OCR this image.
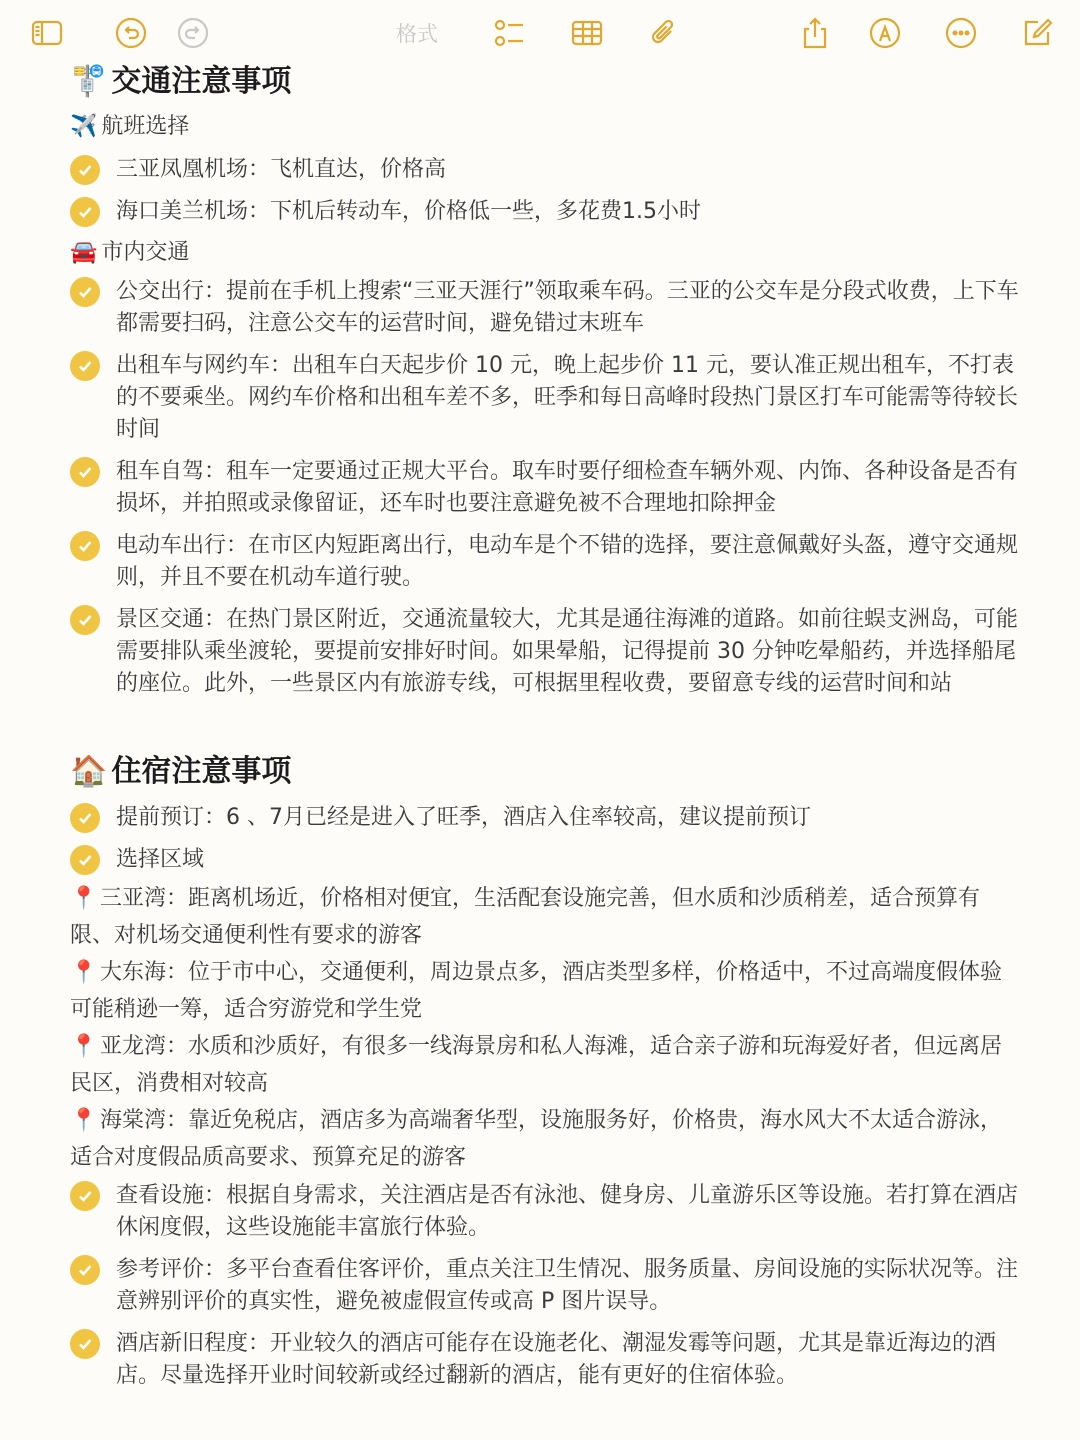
格式
🚏 交通注意事项
✈️ 航班选择
三亚凤凰机场：飞机直达，价格高
海口美兰机场：下机后转动车，价格低一些，多花费1.5小时
🚘 市内交通
公交出行：提前在手机上搜索“三亚天涯行”领取乘车码。三亚的公交车是分段式收费，上下车都需要扫码，注意公交车的运营时间，避免错过末班车
出租车与网约车：出租车白天起步价 10 元，晚上起步价 11 元，要认准正规出租车，不打表的不要乘坐。网约车价格和出租车差不多，旺季和每日高峰时段热门景区打车可能需等待较长时间
租车自驾：租车一定要通过正规大平台。取车时要仔细检查车辆外观、内饰、各种设备是否有损坏，并拍照或录像留证，还车时也要注意避免被不合理地扣除押金
电动车出行：在市区内短距离出行，电动车是个不错的选择，要注意佩戴好头盔，遵守交通规则，并且不要在机动车道行驶。
景区交通：在热门景区附近，交通流量较大，尤其是通往海滩的道路。如前往蜈支洲岛，可能需要排队乘坐渡轮，要提前安排好时间。如果晕船，记得提前 30 分钟吃晕船药，并选择船尾的座位。此外，一些景区内有旅游专线，可根据里程收费，要留意专线的运营时间和站
🏠 住宿注意事项
提前预订：6 、7月已经是进入了旺季，酒店入住率较高，建议提前预订
选择区域
📍 三亚湾：距离机场近，价格相对便宜，生活配套设施完善，但水质和沙质稍差，适合预算有限、对机场交通便利性有要求的游客
📍 大东海：位于市中心，交通便利，周边景点多，酒店类型多样，价格适中，不过高端度假体验可能稍逊一筹，适合穷游党和学生党
📍 亚龙湾：水质和沙质好，有很多一线海景房和私人海滩，适合亲子游和玩海爱好者，但远离居民区，消费相对较高
📍 海棠湾：靠近免税店，酒店多为高端奢华型，设施服务好，价格贵，海水风大不太适合游泳，适合对度假品质高要求、预算充足的游客
查看设施：根据自身需求，关注酒店是否有泳池、健身房、儿童游乐区等设施。若打算在酒店休闲度假，这些设施能丰富旅行体验。
参考评价：多平台查看住客评价，重点关注卫生情况、服务质量、房间设施的实际状况等。注意辨别评价的真实性，避免被虚假宣传或高 P 图片误导。
酒店新旧程度：开业较久的酒店可能存在设施老化、潮湿发霉等问题，尤其是靠近海边的酒店。尽量选择开业时间较新或经过翻新的酒店，能有更好的住宿体验。
